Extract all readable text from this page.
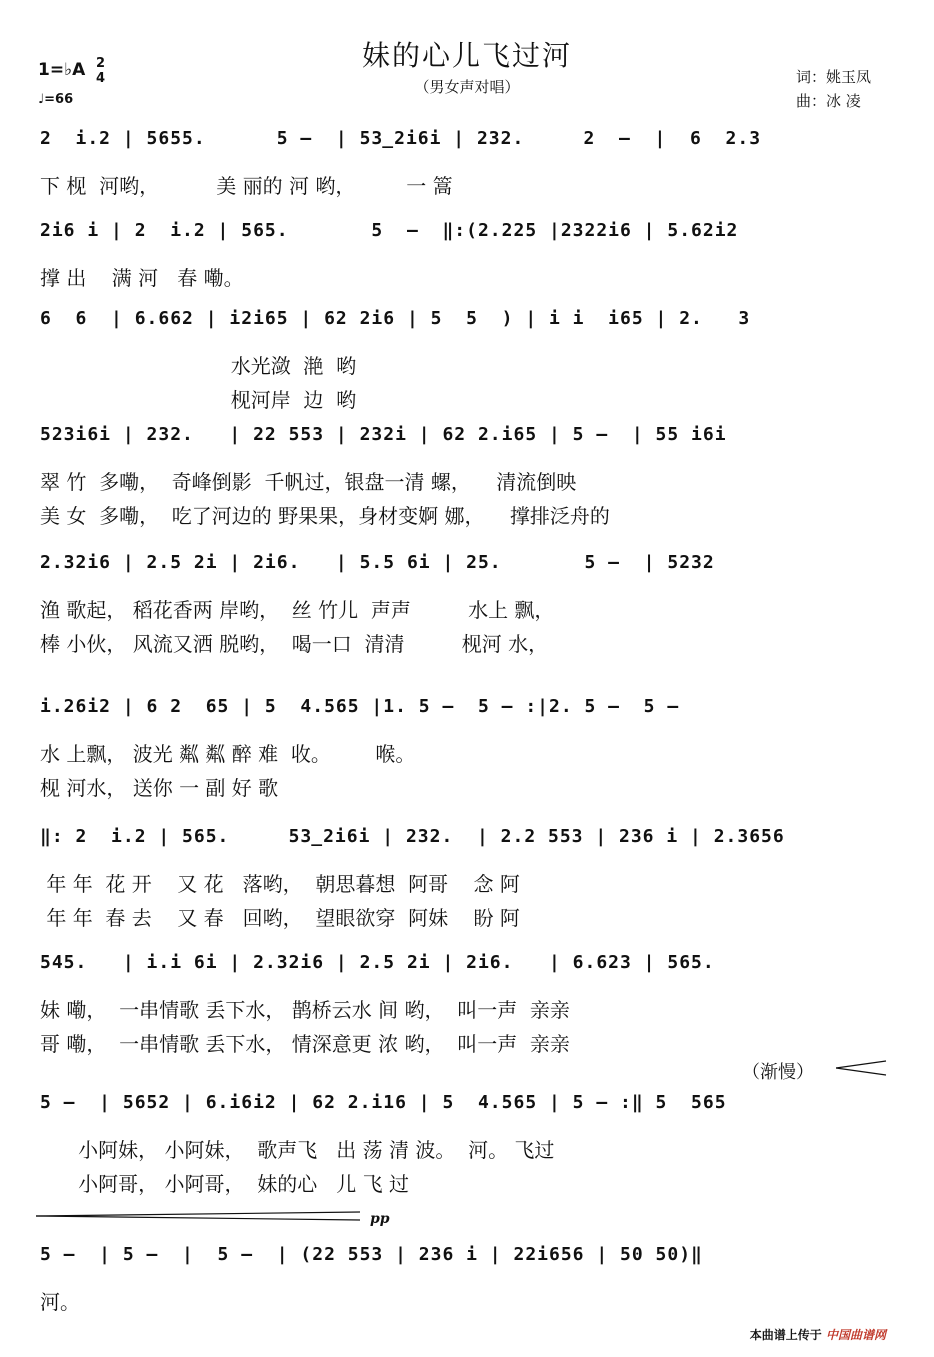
妹的心儿飞过河
（男女声对唱）
1=♭A 2
4
♩=66
词：姚玉凤
曲：冰 凌
2  i.2 | 5655.      5 –  | 53̲2i6i | 232.     2  –  |  6  2.3
下 枧  河哟，         美 丽的 河 哟，        一 篙
2i6 i | 2  i.2 | 565.       5  –  ‖:(2.225 |2322i6 | 5.62i2
撑 出    满 河   春 嘞。
6  6  | 6.662 | i2i65 | 62 2i6 | 5  5  ) | i i  i65 | 2.   3
水光潋  滟  哟
枧河岸  边  哟
523i6i | 232.   | 22 553 | 232i | 62 2.i65 | 5 –  | 55 i6i
翠 竹  多嘞，  奇峰倒影  千帆过，银盘一清 螺，    清流倒映
美 女  多嘞，  吃了河边的 野果果，身材变婀 娜，    撑排泛舟的
2.32i6 | 2.5 2i | 2i6.   | 5.5 6i | 25.       5 –  | 5232
渔 歌起， 稻花香两 岸哟，  丝 竹儿  声声         水上 飘，
棒 小伙， 风流又洒 脱哟，  喝一口  清清         枧河 水，
i.26i2 | 6 2  65 | 5  4.565 |1. 5 –  5 – :|2. 5 –  5 –
水 上飘， 波光 粼 粼 醉 难  收。       喉。
枧 河水， 送你 一 副 好 歌
‖: 2  i.2 | 565.     53̲2i6i | 232.  | 2.2 553 | 236 i | 2.3656
年 年  花 开    又 花   落哟，  朝思暮想  阿哥    念 阿
年 年  春 去    又 春   回哟，  望眼欲穿  阿妹    盼 阿
545.   | i.i 6i | 2.32i6 | 2.5 2i | 2i6.   | 6.623 | 565.
妹 嘞，  一串情歌 丢下水， 鹊桥云水 间 哟，  叫一声  亲亲
哥 嘞，  一串情歌 丢下水， 情深意更 浓 哟，  叫一声  亲亲
5 –  | 5652 | 6.i6i2 | 62 2.i16 | 5  4.565 | 5 – :‖ 5  565
小阿妹， 小阿妹，  歌声飞   出 荡 清 波。  河。 飞过
小阿哥， 小阿哥，  妹的心   儿 飞 过
5 –  | 5 –  |  5 –  | (22 553 | 236 i | 22i656 | 50 50)‖
河。
（渐慢）
pp
本曲谱上传于 中国曲谱网
